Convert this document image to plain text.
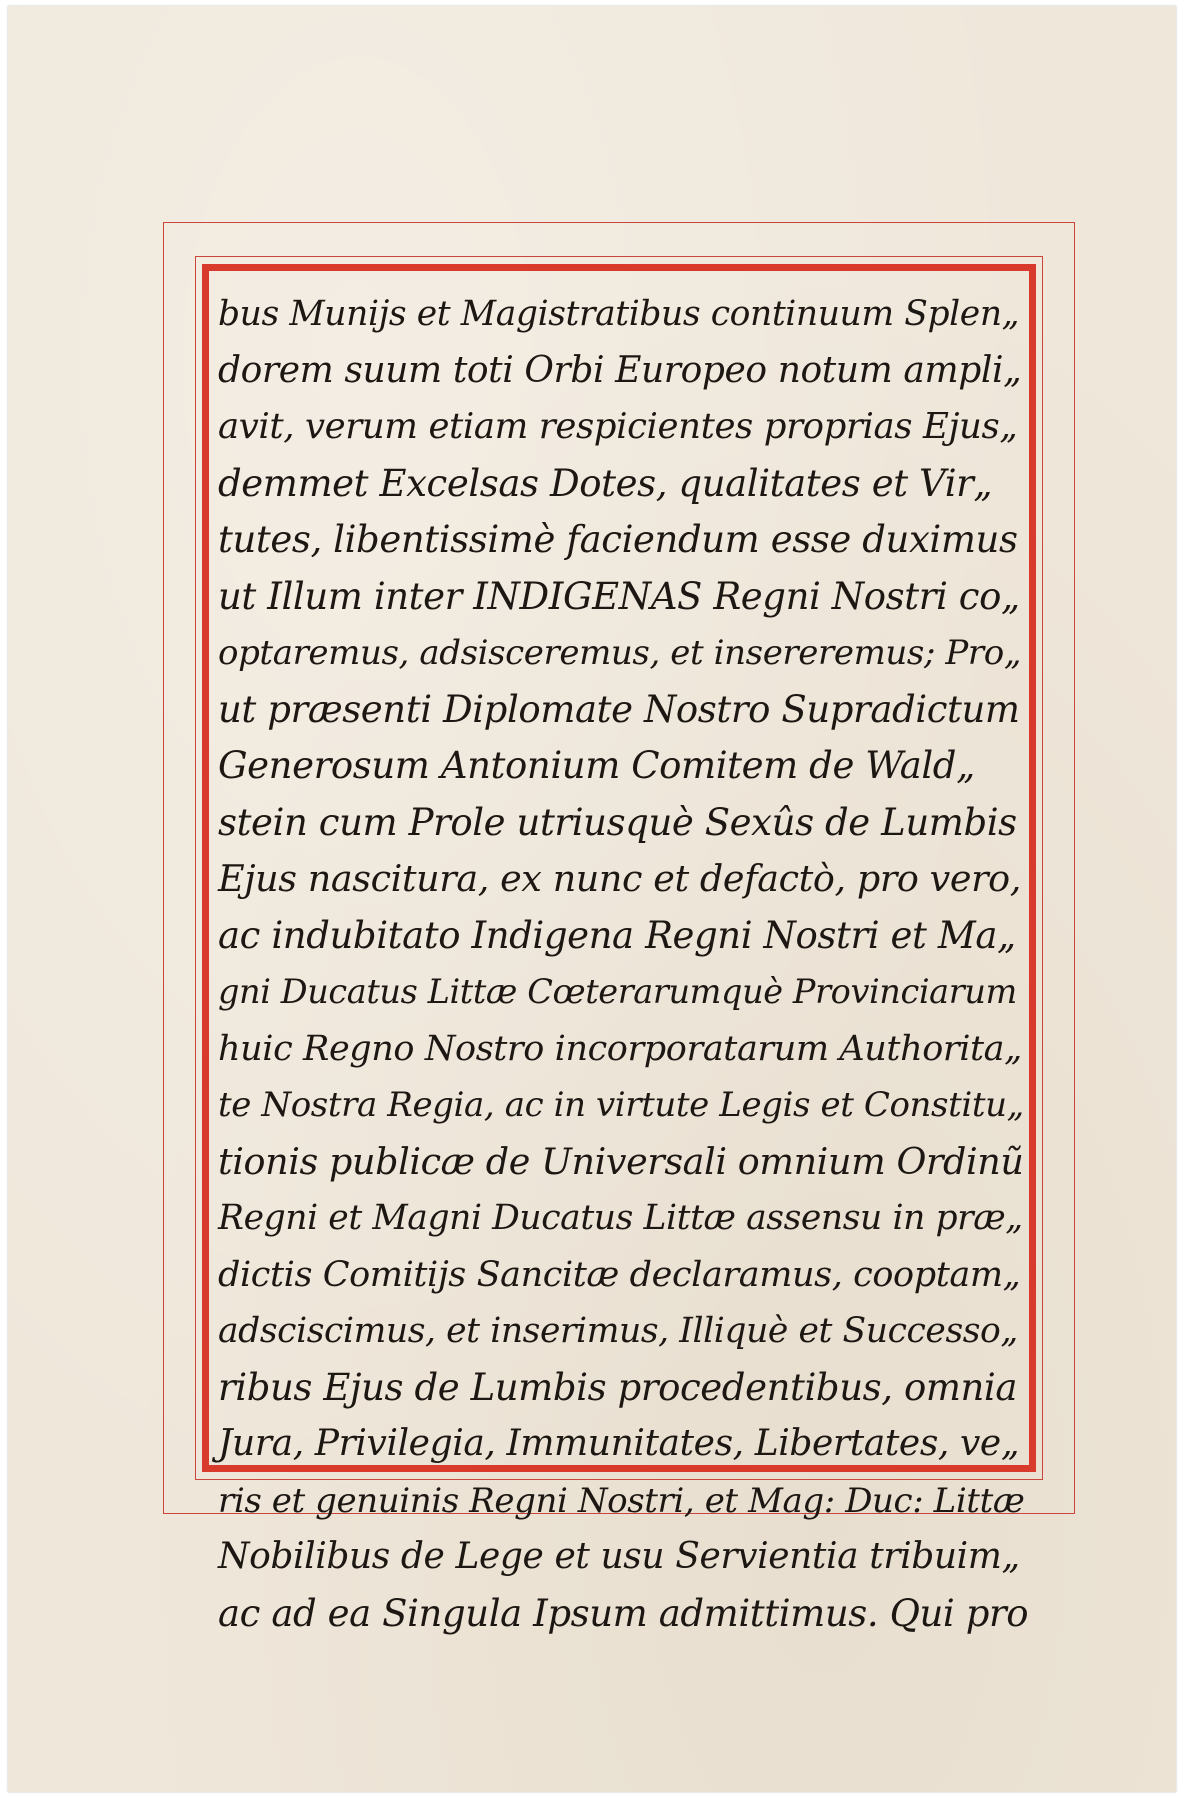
bus Munijs et Magistratibus continuum Splen„
dorem suum toti Orbi Europeo notum ampli„
avit, verum etiam respicientes proprias Ejus„
demmet Excelsas Dotes, qualitates et Vir„
tutes, libentissimè faciendum esse duximus
ut Illum inter INDIGENAS Regni Nostri co„
optaremus, adsisceremus, et insereremus; Pro„
ut præsenti Diplomate Nostro Supradictum
Generosum Antonium Comitem de Wald„
stein cum Prole utriusquè Sexûs de Lumbis
Ejus nascitura, ex nunc et defactò, pro vero,
ac indubitato Indigena Regni Nostri et Ma„
gni Ducatus Littæ Cœterarumquè Provinciarum
huic Regno Nostro incorporatarum Authorita„
te Nostra Regia, ac in virtute Legis et Constitu„
tionis publicæ de Universali omnium Ordinũ
Regni et Magni Ducatus Littæ assensu in præ„
dictis Comitijs Sancitæ declaramus, cooptam„
adsciscimus, et inserimus, Illiquè et Successo„
ribus Ejus de Lumbis procedentibus, omnia
Jura, Privilegia, Immunitates, Libertates, ve„
ris et genuinis Regni Nostri, et Mag: Duc: Littæ
Nobilibus de Lege et usu Servientia tribuim„
ac ad ea Singula Ipsum admittimus. Qui pro
